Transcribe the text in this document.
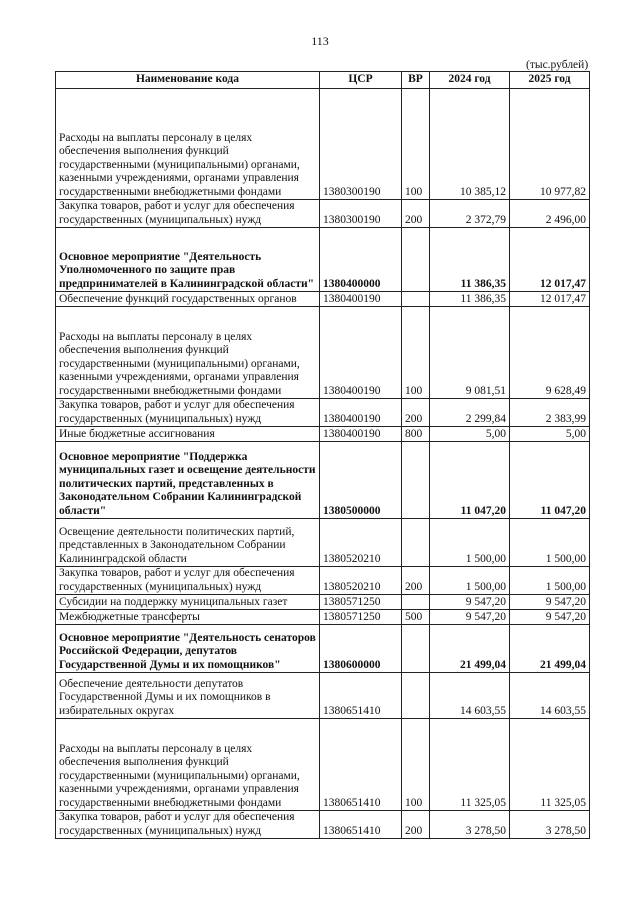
113
(тыс.рублей)
Наименование кода	ЦСР	ВР	2024 год	2025 год
Расходы на выплаты персоналу в целях обеспечения выполнения функций государственными (муниципальными) органами, казенными учреждениями, органами управления государственными внебюджетными фондами	1380300190	100	10 385,12	10 977,82
Закупка товаров, работ и услуг для обеспечения государственных (муниципальных) нужд	1380300190	200	2 372,79	2 496,00
Основное мероприятие "Деятельность Уполномоченного по защите прав предпринимателей в Калининградской области"	1380400000		11 386,35	12 017,47
Обеспечение функций государственных органов	1380400190		11 386,35	12 017,47
Расходы на выплаты персоналу в целях обеспечения выполнения функций государственными (муниципальными) органами, казенными учреждениями, органами управления государственными внебюджетными фондами	1380400190	100	9 081,51	9 628,49
Закупка товаров, работ и услуг для обеспечения государственных (муниципальных) нужд	1380400190	200	2 299,84	2 383,99
Иные бюджетные ассигнования	1380400190	800	5,00	5,00
Основное мероприятие "Поддержка муниципальных газет и освещение деятельности политических партий, представленных в Законодательном Собрании Калининградской области"	1380500000		11 047,20	11 047,20
Освещение деятельности политических партий, представленных в Законодательном Собрании Калининградской области	1380520210		1 500,00	1 500,00
Закупка товаров, работ и услуг для обеспечения государственных (муниципальных) нужд	1380520210	200	1 500,00	1 500,00
Субсидии на поддержку муниципальных газет	1380571250		9 547,20	9 547,20
Межбюджетные трансферты	1380571250	500	9 547,20	9 547,20
Основное мероприятие "Деятельность сенаторов Российской Федерации, депутатов Государственной Думы и их помощников"	1380600000		21 499,04	21 499,04
Обеспечение деятельности депутатов Государственной Думы и их помощников в избирательных округах	1380651410		14 603,55	14 603,55
Расходы на выплаты персоналу в целях обеспечения выполнения функций государственными (муниципальными) органами, казенными учреждениями, органами управления государственными внебюджетными фондами	1380651410	100	11 325,05	11 325,05
Закупка товаров, работ и услуг для обеспечения государственных (муниципальных) нужд	1380651410	200	3 278,50	3 278,50
